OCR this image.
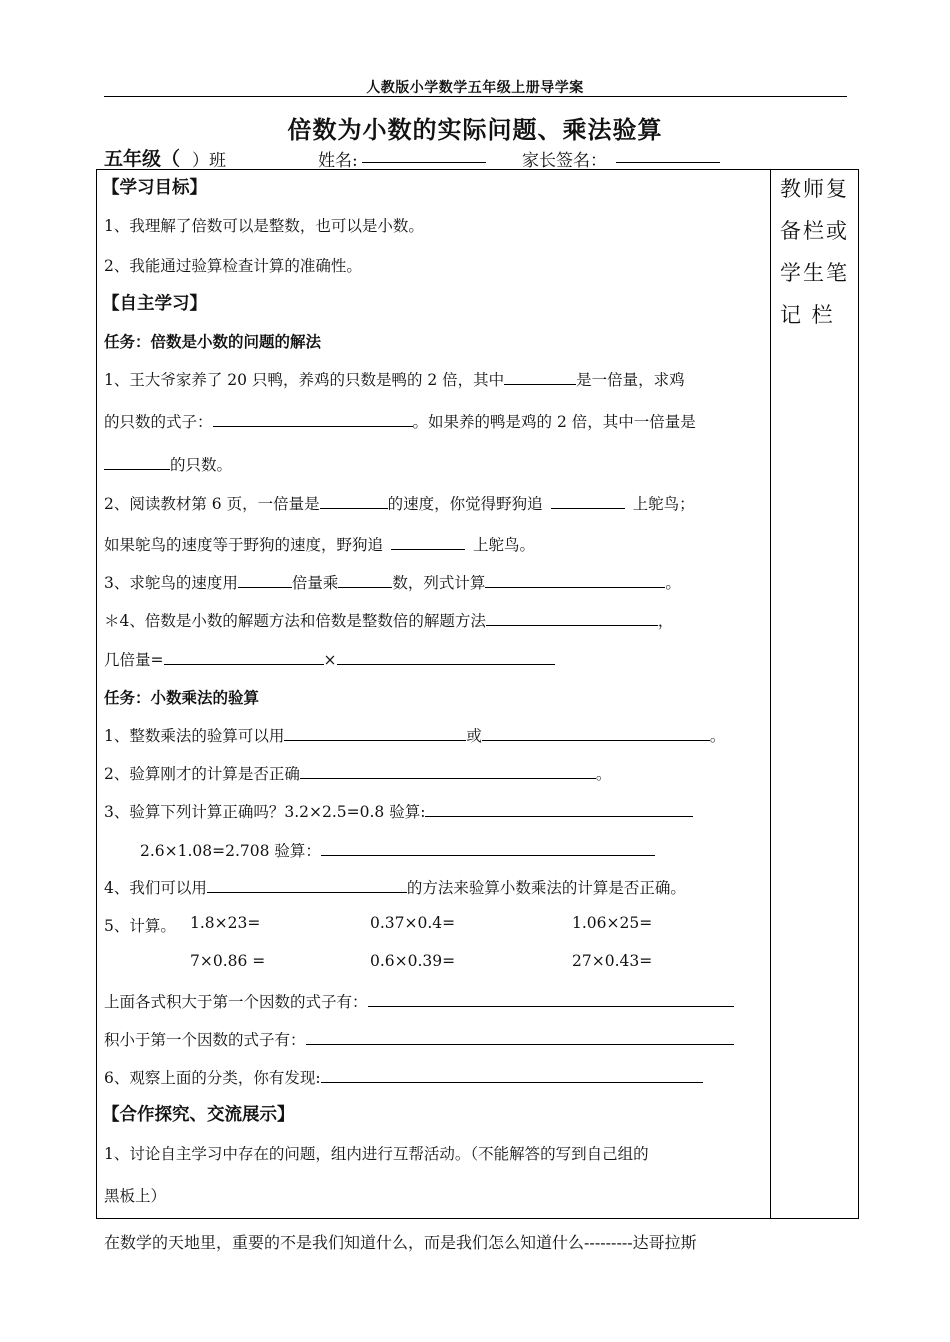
人教版小学数学五年级上册导学案
倍数为小数的实际问题、乘法验算
五年级（ ）班	姓名:	家长签名：
教师复
备栏或
学生笔
记 栏
【学习目标】
1、我理解了倍数可以是整数，也可以是小数。
2、我能通过验算检查计算的准确性。
【自主学习】
任务：倍数是小数的问题的解法
1、王大爷家养了 20 只鸭，养鸡的只数是鸭的 2 倍，其中	是一倍量，求鸡
的只数的式子：	。如果养的鸭是鸡的 2 倍，其中一倍量是
的只数。
2、阅读教材第 6 页，一倍量是	的速度，你觉得野狗追	上鸵鸟；
如果鸵鸟的速度等于野狗的速度，野狗追	上鸵鸟。
3、求鸵鸟的速度用	倍量乘	数，列式计算	。
＊4、倍数是小数的解题方法和倍数是整数倍的解题方法	，
几倍量=	×
任务：小数乘法的验算
1、整数乘法的验算可以用	或	。
2、验算刚才的计算是否正确	。
3、验算下列计算正确吗？3.2×2.5=0.8 验算:
2.6×1.08=2.708 验算：
4、我们可以用	的方法来验算小数乘法的计算是否正确。
5、计算。 1.8×23=	0.37×0.4=	1.06×25=
7×0.86 =	0.6×0.39=	27×0.43=
上面各式积大于第一个因数的式子有：
积小于第一个因数的式子有：
6、观察上面的分类，你有发现:
【合作探究、交流展示】
1、讨论自主学习中存在的问题，组内进行互帮活动。（不能解答的写到自己组的
黑板上）
在数学的天地里，重要的不是我们知道什么，而是我们怎么知道什么---------达哥拉斯
